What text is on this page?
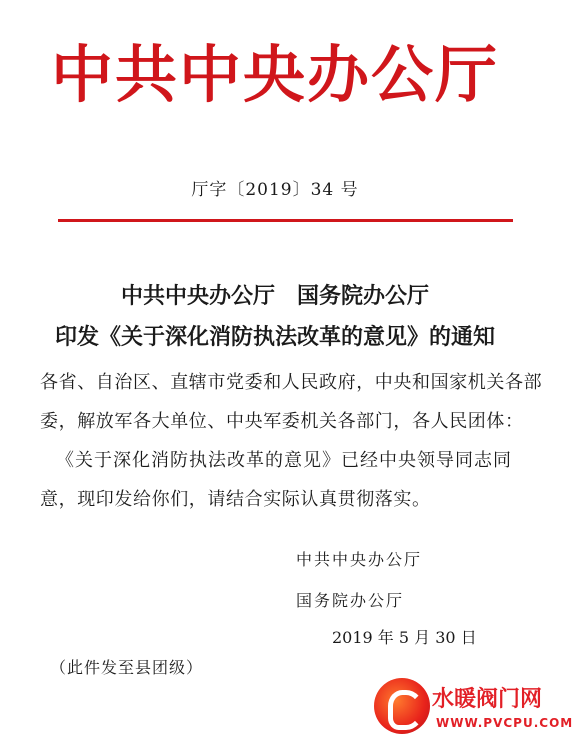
中共中央办公厅
厅字〔2019〕34 号
中共中央办公厅　国务院办公厅
印发《关于深化消防执法改革的意见》的通知
各省、自治区、直辖市党委和人民政府，中央和国家机关各部
委，解放军各大单位、中央军委机关各部门，各人民团体：
《关于深化消防执法改革的意见》已经中央领导同志同
意，现印发给你们，请结合实际认真贯彻落实。
中共中央办公厅
国务院办公厅
2019 年 5 月 30 日
（此件发至县团级）
水暖阀门网
WWW.PVCPU.COM
